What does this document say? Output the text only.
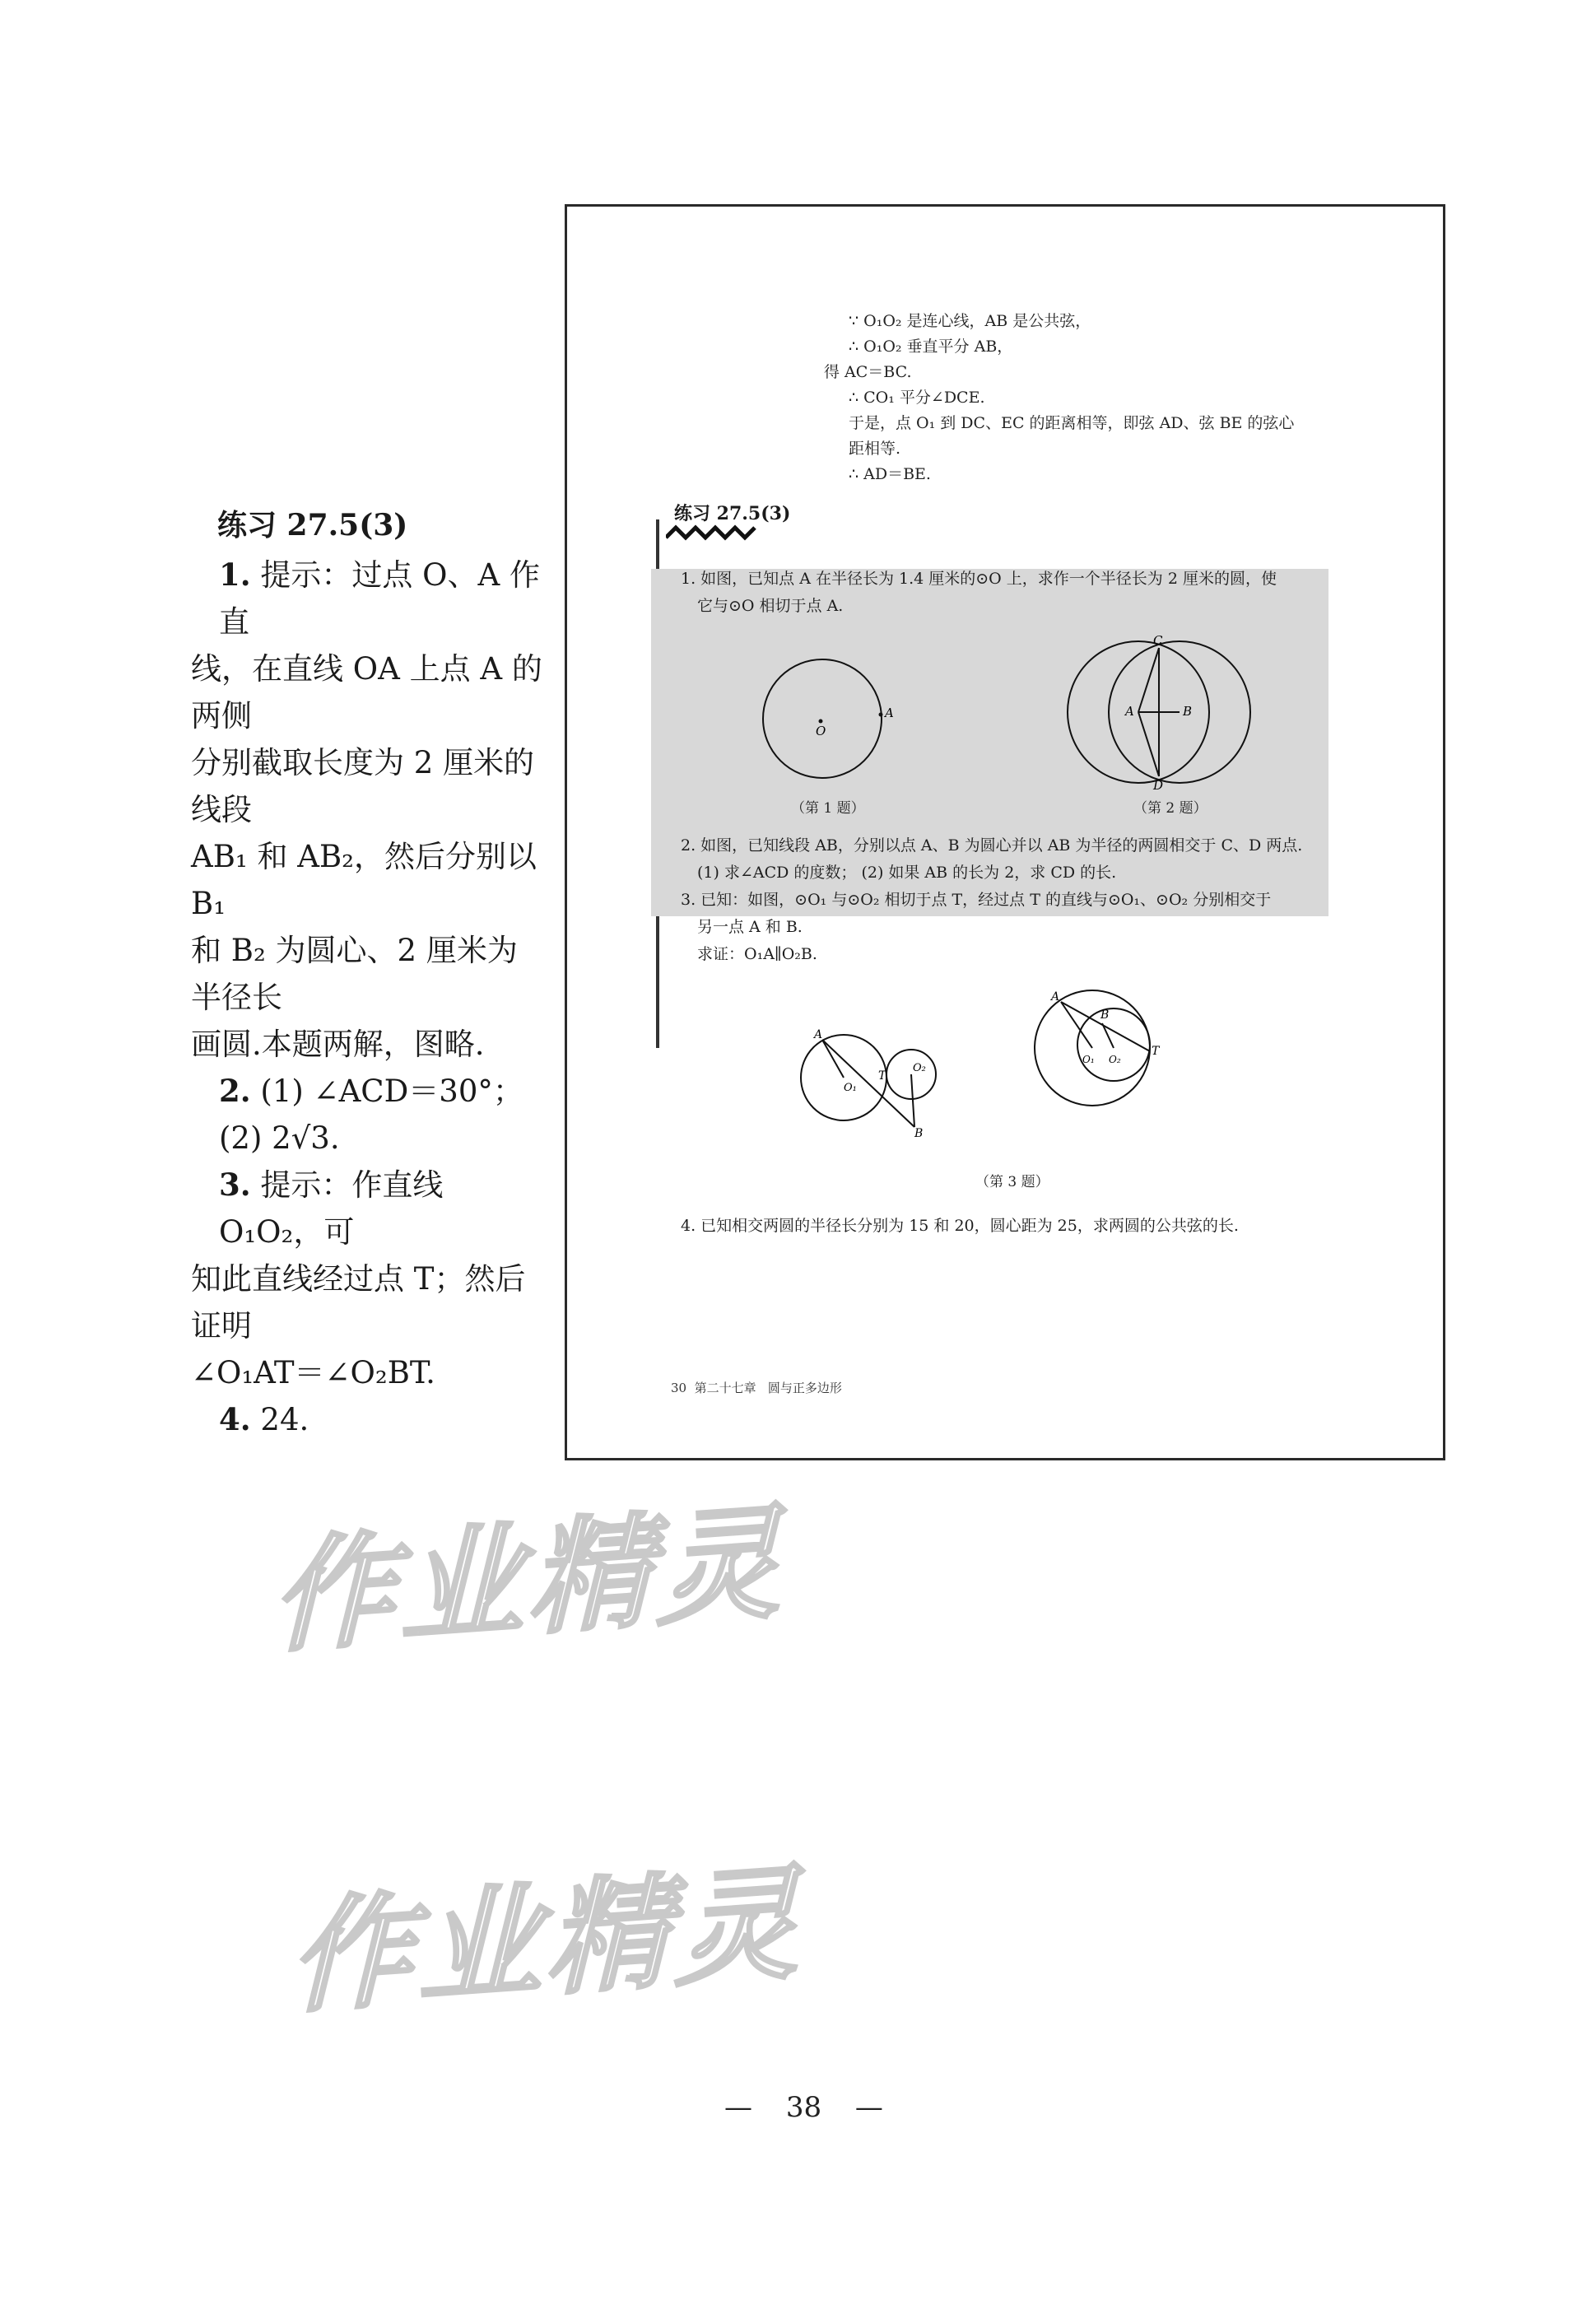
练习 27.5(3)
1. 提示：过点 O、A 作直
线，在直线 OA 上点 A 的两侧
分别截取长度为 2 厘米的线段
AB₁ 和 AB₂，然后分别以 B₁
和 B₂ 为圆心、2 厘米为半径长
画圆.本题两解，图略.
2. (1) ∠ACD＝30°；
(2) 2√3.
3. 提示：作直线 O₁O₂，可
知此直线经过点 T；然后证明
∠O₁AT＝∠O₂BT.
4. 24.
∵ O₁O₂ 是连心线，AB 是公共弦，
∴ O₁O₂ 垂直平分 AB，
得 AC＝BC.
∴ CO₁ 平分∠DCE.
于是，点 O₁ 到 DC、EC 的距离相等，即弦 AD、弦 BE 的弦心
距相等.
∴ AD＝BE.
练习 27.5(3)
1. 如图，已知点 A 在半径长为 1.4 厘米的⊙O 上，求作一个半径长为 2 厘米的圆，使
它与⊙O 相切于点 A.
O
A
（第 1 题）
C
A	B
D
（第 2 题）
2. 如图，已知线段 AB，分别以点 A、B 为圆心并以 AB 为半径的两圆相交于 C、D 两点.
(1) 求∠ACD 的度数； (2) 如果 AB 的长为 2，求 CD 的长.
3. 已知：如图，⊙O₁ 与⊙O₂ 相切于点 T，经过点 T 的直线与⊙O₁、⊙O₂ 分别相交于
另一点 A 和 B.
求证：O₁A∥O₂B.
A
O₁
T
O₂
B
A
B
O₁ O₂
T
（第 3 题）
4. 已知相交两圆的半径长分别为 15 和 20，圆心距为 25，求两圆的公共弦的长.
30  第二十七章   圆与正多边形
作业精灵
作业精灵
— 38 —
